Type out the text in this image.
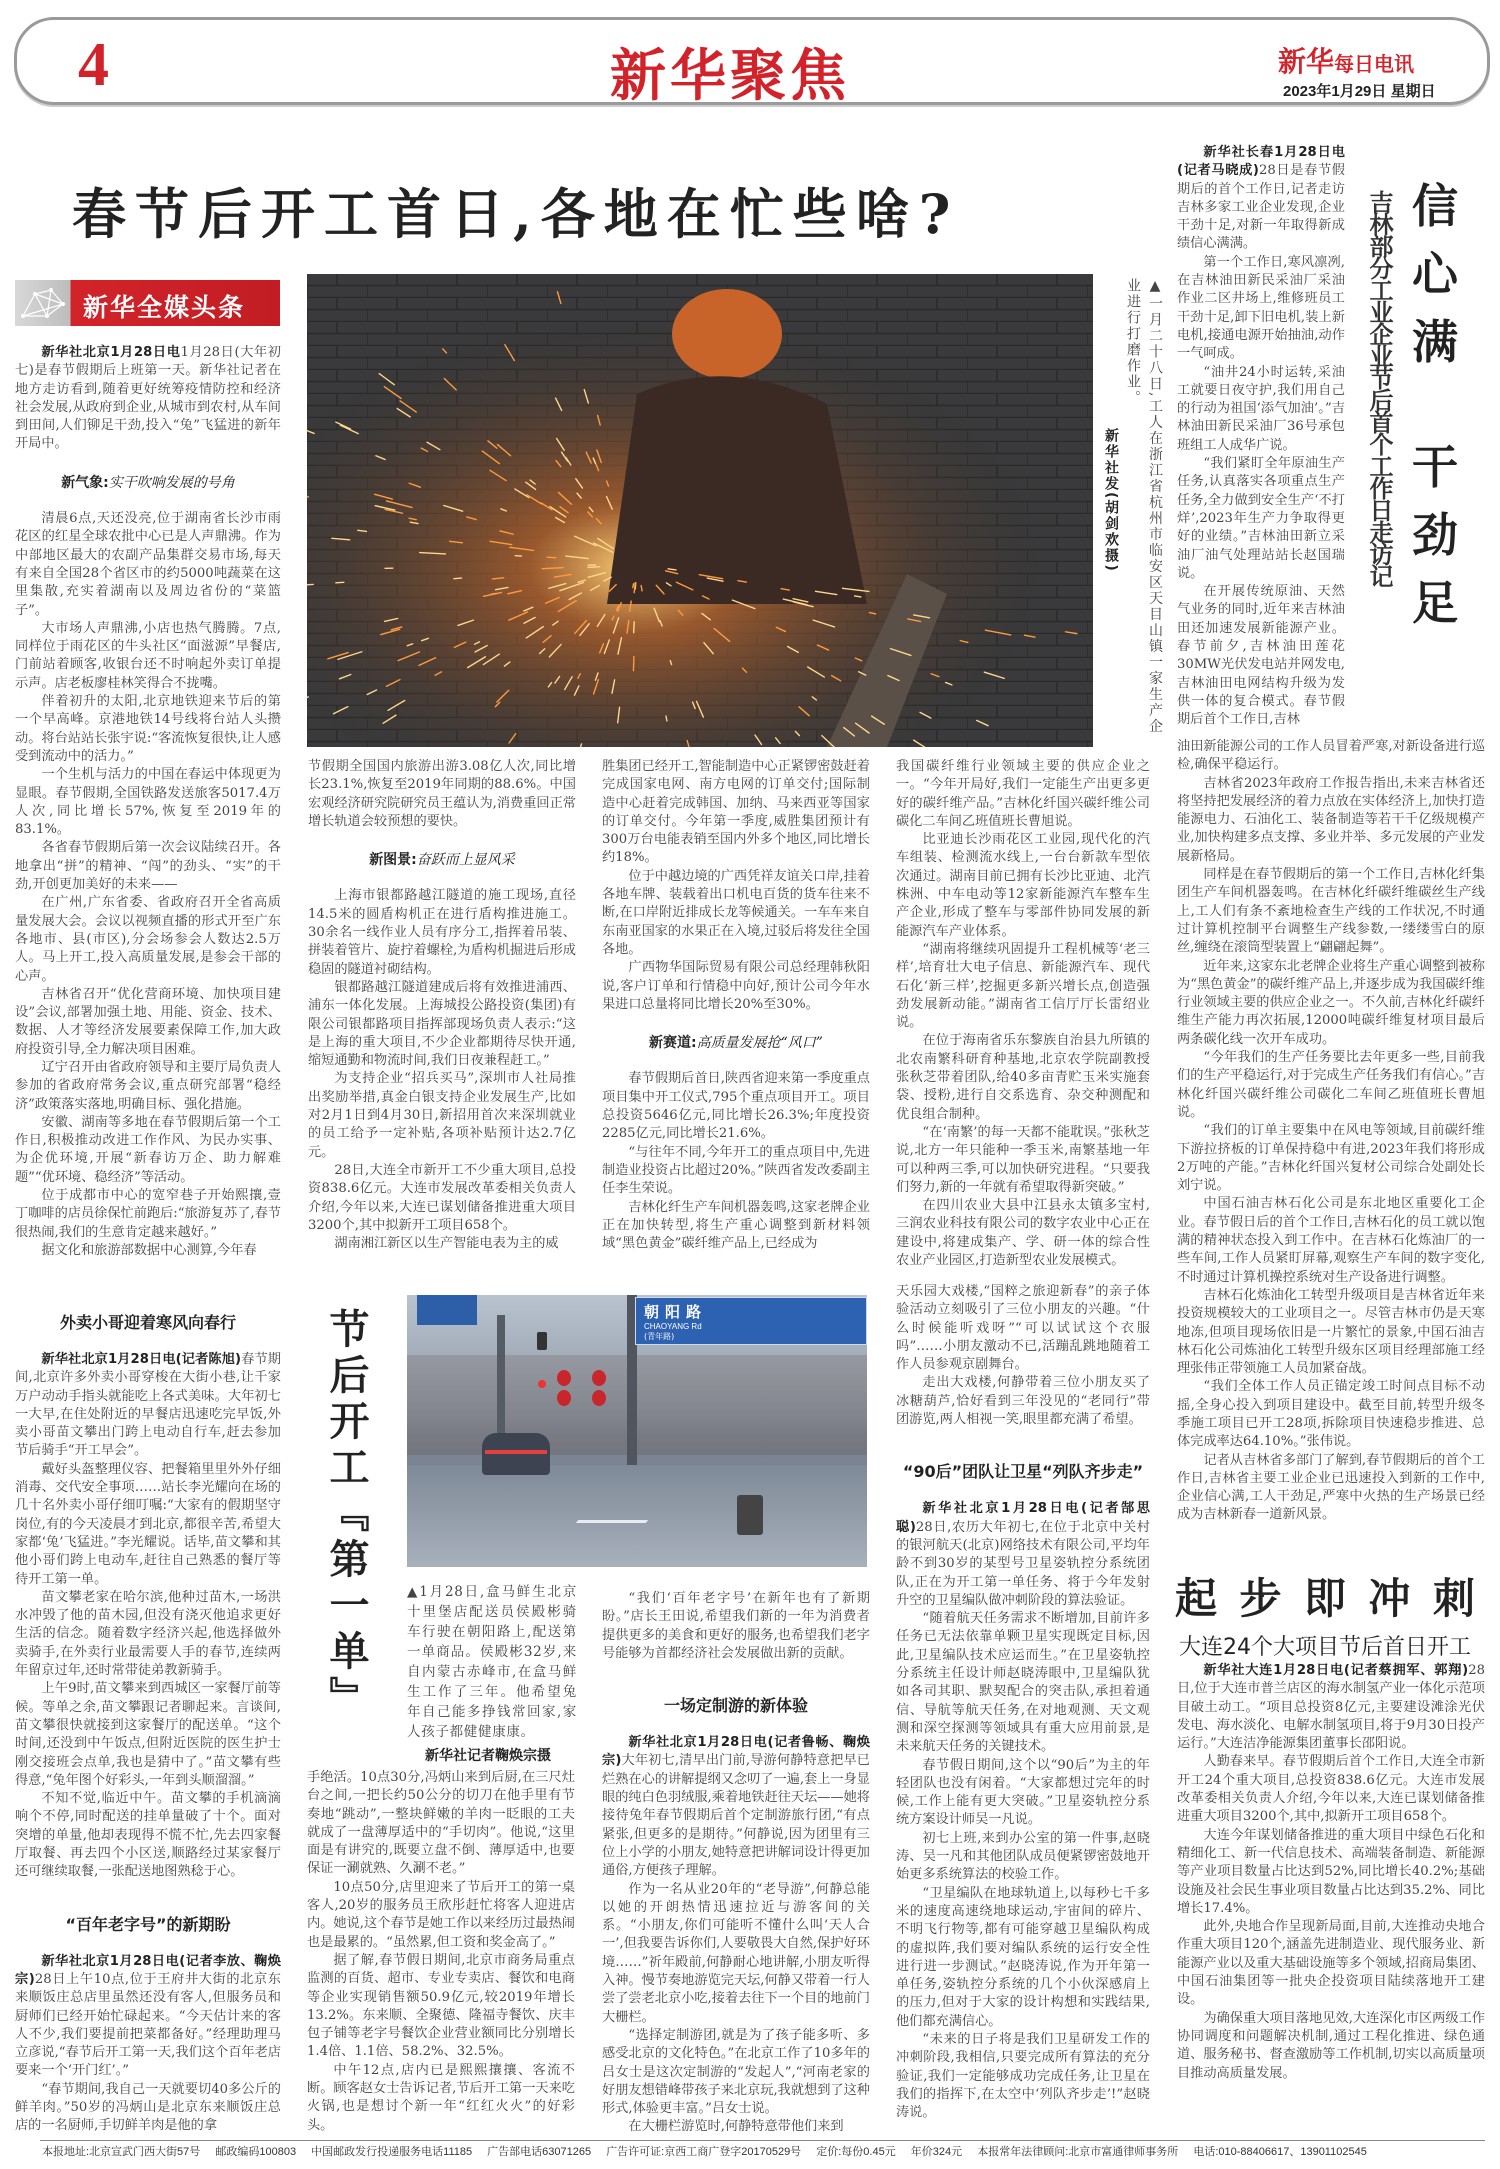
4	新华聚焦	新华每日电讯
2023年1月29日 星期日
春节后开工首日,各地在忙些啥?
新华全媒头条

新华社北京1月28日电1月28日(大年初七)是春节假期后上班第一天。新华社记者在地方走访看到,随着更好统筹疫情防控和经济社会发展,从政府到企业,从城市到农村,从车间到田间,人们铆足干劲,投入“兔”飞猛进的新年开局中。

新气象:实干吹响发展的号角

清晨6点,天还没亮,位于湖南省长沙市雨花区的红星全球农批中心已是人声鼎沸。作为中部地区最大的农副产品集群交易市场,每天有来自全国28个省区市的约5000吨蔬菜在这里集散,充实着湖南以及周边省份的“菜篮子”。

大市场人声鼎沸,小店也热气腾腾。7点,同样位于雨花区的牛头社区“面滋源”早餐店,门前站着顾客,收银台还不时响起外卖订单提示声。店老板廖桂林笑得合不拢嘴。

伴着初升的太阳,北京地铁迎来节后的第一个早高峰。京港地铁14号线将台站人头攒动。将台站站长张宇说:“客流恢复很快,让人感受到流动中的活力。”

一个生机与活力的中国在春运中体现更为显眼。春节假期,全国铁路发送旅客5017.4万人次,同比增长57%,恢复至2019年的83.1%。

各省春节假期后第一次会议陆续召开。各地拿出“拼”的精神、“闯”的劲头、“实”的干劲,开创更加美好的未来——

在广州,广东省委、省政府召开全省高质量发展大会。会议以视频直播的形式开至广东各地市、县(市区),分会场参会人数达2.5万人。马上开工,投入高质量发展,是参会干部的心声。

吉林省召开“优化营商环境、加快项目建设”会议,部署加强土地、用能、资金、技术、数据、人才等经济发展要素保障工作,加大政府投资引导,全力解决项目困难。

辽宁召开由省政府领导和主要厅局负责人参加的省政府常务会议,重点研究部署“稳经济”政策落实落地,明确目标、强化措施。

安徽、湖南等多地在春节假期后第一个工作日,积极推动改进工作作风、为民办实事、为企优环境,开展“新春访万企、助力解难题”“优环境、稳经济”等活动。

位于成都市中心的宽窄巷子开始熙攘,壹丁咖啡的店员徐保忙前跑后:“旅游复苏了,春节很热闹,我们的生意肯定越来越好。”

据文化和旅游部数据中心测算,今年春

节假期全国国内旅游出游3.08亿人次,同比增长23.1%,恢复至2019年同期的88.6%。中国宏观经济研究院研究员王蕴认为,消费重回正常增长轨道会较预想的要快。

新图景:奋跃而上显风采

上海市银都路越江隧道的施工现场,直径14.5米的圆盾构机正在进行盾构推进施工。30余名一线作业人员有序分工,指挥着吊装、拼装着管片、旋拧着螺栓,为盾构机掘进后形成稳固的隧道衬砌结构。

银都路越江隧道建成后将有效推进浦西、浦东一体化发展。上海城投公路投资(集团)有限公司银都路项目指挥部现场负责人表示:“这是上海的重大项目,不少企业都期待尽快开通,缩短通勤和物流时间,我们日夜兼程赶工。”

为支持企业“招兵买马”,深圳市人社局推出奖励举措,真金白银支持企业发展生产,比如对2月1日到4月30日,新招用首次来深圳就业的员工给予一定补贴,各项补贴预计达2.7亿元。

28日,大连全市新开工不少重大项目,总投资838.6亿元。大连市发展改革委相关负责人介绍,今年以来,大连已谋划储备推进重大项目3200个,其中拟新开工项目658个。

湖南湘江新区以生产智能电表为主的威

胜集团已经开工,智能制造中心正紧锣密鼓赶着完成国家电网、南方电网的订单交付;国际制造中心赶着完成韩国、加纳、马来西亚等国家的订单交付。今年第一季度,威胜集团预计有300万台电能表销至国内外多个地区,同比增长约18%。

位于中越边境的广西凭祥友谊关口岸,挂着各地车牌、装载着出口机电百货的货车往来不断,在口岸附近排成长龙等候通关。一车车来自东南亚国家的水果正在入境,过驳后将发往全国各地。

广西物华国际贸易有限公司总经理韩秋阳说,客户订单和行情稳中向好,预计公司今年水果进口总量将同比增长20%至30%。

新赛道:高质量发展抢“风口”

春节假期后首日,陕西省迎来第一季度重点项目集中开工仪式,795个重点项目开工。项目总投资5646亿元,同比增长26.3%;年度投资2285亿元,同比增长21.6%。

“与往年不同,今年开工的重点项目中,先进制造业投资占比超过20%。”陕西省发改委副主任李生荣说。

吉林化纤生产车间机器轰鸣,这家老牌企业正在加快转型,将生产重心调整到新材料领域“黑色黄金”碳纤维产品上,已经成为

我国碳纤维行业领域主要的供应企业之一。“今年开局好,我们一定能生产出更多更好的碳纤维产品。”吉林化纤国兴碳纤维公司碳化二车间乙班值班长曹旭说。

比亚迪长沙雨花区工业园,现代化的汽车组装、检测流水线上,一台台新款车型依次通过。湖南目前已拥有长沙比亚迪、北汽株洲、中车电动等12家新能源汽车整车生产企业,形成了整车与零部件协同发展的新能源汽车产业体系。

“湖南将继续巩固提升工程机械等‘老三样’,培育壮大电子信息、新能源汽车、现代石化‘新三样’,挖掘更多新兴增长点,创造强劲发展新动能。”湖南省工信厅厅长雷绍业说。

在位于海南省乐东黎族自治县九所镇的北农南繁科研育种基地,北京农学院副教授张秋芝带着团队,给40多亩青贮玉米实施套袋、授粉,进行自交系选育、杂交种测配和优良组合制种。

“在‘南繁’的每一天都不能耽误。”张秋芝说,北方一年只能种一季玉米,南繁基地一年可以种两三季,可以加快研究进程。“只要我们努力,新的一年就有希望取得新突破。”

在四川农业大县中江县永太镇多宝村,三润农业科技有限公司的数字农业中心正在建设中,将建成集产、学、研一体的综合性农业产业园区,打造新型农业发展模式。

▲一月二十八日,工人在浙江省杭州市临安区天目山镇一家生产企业进行打磨作业。
新华社发(胡剑欢摄)	吉林部分工业企业节后首个工作日走访记 信
心
满
干
劲
足

新华社长春1月28日电(记者马晓成)28日是春节假期后的首个工作日,记者走访吉林多家工业企业发现,企业干劲十足,对新一年取得新成绩信心满满。

第一个工作日,寒风凛冽,在吉林油田新民采油厂采油作业二区井场上,维修班员工干劲十足,卸下旧电机,装上新电机,接通电源开始抽油,动作一气呵成。

“油井24小时运转,采油工就要日夜守护,我们用自己的行动为祖国‘添气加油’。”吉林油田新民采油厂36号承包班组工人成华广说。

“我们紧盯全年原油生产任务,认真落实各项重点生产任务,全力做到安全生产‘不打烊’,2023年生产力争取得更好的业绩。”吉林油田新立采油厂油气处理站站长赵国瑞说。

在开展传统原油、天然气业务的同时,近年来吉林油田还加速发展新能源产业。春节前夕,吉林油田莲花30MW光伏发电站并网发电,吉林油田电网结构升级为发供一体的复合模式。春节假期后首个工作日,吉林

油田新能源公司的工作人员冒着严寒,对新设备进行巡检,确保平稳运行。

吉林省2023年政府工作报告指出,未来吉林省还将坚持把发展经济的着力点放在实体经济上,加快打造能源电力、石油化工、装备制造等若干千亿级规模产业,加快构建多点支撑、多业并举、多元发展的产业发展新格局。

同样是在春节假期后的第一个工作日,吉林化纤集团生产车间机器轰鸣。在吉林化纤碳纤维碳丝生产线上,工人们有条不紊地检查生产线的工作状况,不时通过计算机控制平台调整生产线参数,一缕缕雪白的原丝,缠绕在滚筒型装置上“翩翩起舞”。

近年来,这家东北老牌企业将生产重心调整到被称为“黑色黄金”的碳纤维产品上,并逐步成为我国碳纤维行业领域主要的供应企业之一。不久前,吉林化纤碳纤维生产能力再次拓展,12000吨碳纤维复材项目最后两条碳化线一次开车成功。

“今年我们的生产任务要比去年更多一些,目前我们的生产平稳运行,对于完成生产任务我们有信心。”吉林化纤国兴碳纤维公司碳化二车间乙班值班长曹旭说。

“我们的订单主要集中在风电等领域,目前碳纤维下游拉挤板的订单保持稳中有进,2023年我们将形成2万吨的产能。”吉林化纤国兴复材公司综合处副处长刘宁说。

中国石油吉林石化公司是东北地区重要化工企业。春节假日后的首个工作日,吉林石化的员工就以饱满的精神状态投入到工作中。在吉林石化炼油厂的一些车间,工作人员紧盯屏幕,观察生产车间的数字变化,不时通过计算机操控系统对生产设备进行调整。

吉林石化炼油化工转型升级项目是吉林省近年来投资规模较大的工业项目之一。尽管吉林市仍是天寒地冻,但项目现场依旧是一片繁忙的景象,中国石油吉林石化公司炼油化工转型升级东区项目经理部施工经理张伟正带领施工人员加紧奋战。

“我们全体工作人员正锚定竣工时间点目标不动摇,全身心投入到项目建设中。截至目前,转型升级冬季施工项目已开工28项,拆除项目快速稳步推进、总体完成率达64.10%。”张伟说。

记者从吉林省多部门了解到,春节假期后的首个工作日,吉林省主要工业企业已迅速投入到新的工作中,企业信心满,工人干劲足,严寒中火热的生产场景已经成为吉林新春一道新风景。

起 步 即 冲 刺
大连24个大项目节后首日开工

新华社大连1月28日电(记者蔡拥军、郭翔)28日,位于大连市普兰店区的海水制氢产业一体化示范项目破土动工。“项目总投资8亿元,主要建设滩涂光伏发电、海水淡化、电解水制氢项目,将于9月30日投产运行。”大连洁净能源集团董事长邵阳说。

人勤春来早。春节假期后首个工作日,大连全市新开工24个重大项目,总投资838.6亿元。大连市发展改革委相关负责人介绍,今年以来,大连已谋划储备推进重大项目3200个,其中,拟新开工项目658个。

大连今年谋划储备推进的重大项目中绿色石化和精细化工、新一代信息技术、高端装备制造、新能源等产业项目数量占比达到52%,同比增长40.2%;基础设施及社会民生事业项目数量占比达到35.2%、同比增长17.4%。

此外,央地合作呈现新局面,目前,大连推动央地合作重大项目120个,涵盖先进制造业、现代服务业、新能源产业以及重大基础设施等多个领域,招商局集团、中国石油集团等一批央企投资项目陆续落地开工建设。

为确保重大项目落地见效,大连深化市区两级工作协同调度和问题解决机制,通过工程化推进、绿色通道、服务秘书、督查激励等工作机制,切实以高质量项目推动高质量发展。

节后开工『第一单』	朝阳路
CHAOYANG Rd
(青年路)
▲1月28日,盒马鲜生北京十里堡店配送员侯殿彬骑车行驶在朝阳路上,配送第一单商品。侯殿彬32岁,来自内蒙古赤峰市,在盒马鲜生工作了三年。他希望兔年自己能多挣钱常回家,家人孩子都健健康康。
新华社记者鞠焕宗摄
外卖小哥迎着寒风向春行

新华社北京1月28日电(记者陈旭)春节期间,北京许多外卖小哥穿梭在大街小巷,让千家万户动动手指头就能吃上各式美味。大年初七一大早,在住处附近的早餐店迅速吃完早饭,外卖小哥苗文攀出门跨上电动自行车,赶去参加节后骑手“开工早会”。

戴好头盔整理仪容、把餐箱里里外外仔细消毒、交代安全事项……站长李光耀向在场的几十名外卖小哥仔细叮嘱:“大家有的假期坚守岗位,有的今天凌晨才到北京,都很辛苦,希望大家都‘兔’飞猛进。”李光耀说。话毕,苗文攀和其他小哥们跨上电动车,赶往自己熟悉的餐厅等待开工第一单。

苗文攀老家在哈尔滨,他种过苗木,一场洪水冲毁了他的苗木园,但没有浇灭他追求更好生活的信念。随着数字经济兴起,他选择做外卖骑手,在外卖行业最需要人手的春节,连续两年留京过年,还时常带徒弟教新骑手。

上午9时,苗文攀来到西城区一家餐厅前等候。等单之余,苗文攀跟记者聊起来。言谈间,苗文攀很快就接到这家餐厅的配送单。“这个时间,还没到中午饭点,但附近医院的医生护士刚交接班会点单,我也是猜中了。”苗文攀有些得意,“兔年图个好彩头,一年到头顺溜溜。”

不知不觉,临近中午。苗文攀的手机滴滴响个不停,同时配送的挂单量破了十个。面对突增的单量,他却表现得不慌不忙,先去四家餐厅取餐、再去四个小区送,顺路经过某家餐厅还可继续取餐,一张配送地图熟稔于心。

“百年老字号”的新期盼

新华社北京1月28日电(记者李放、鞠焕宗)28日上午10点,位于王府井大街的北京东来顺饭庄总店里虽然还没有客人,但服务员和厨师们已经开始忙碌起来。“今天估计来的客人不少,我们要提前把菜都备好。”经理助理马立彦说,“春节后开工第一天,我们这个百年老店要来一个‘开门红’。”

“春节期间,我自己一天就要切40多公斤的鲜羊肉。”50岁的冯炳山是北京东来顺饭庄总店的一名厨师,手切鲜羊肉是他的拿

手绝活。10点30分,冯炳山来到后厨,在三尺灶台之间,一把长约50公分的切刀在他手里有节奏地“跳动”,一整块鲜嫩的羊肉一眨眼的工夫就成了一盘薄厚适中的“手切肉”。他说,“这里面是有讲究的,既要立盘不倒、薄厚适中,也要保证一涮就熟、久涮不老。”

10点50分,店里迎来了节后开工的第一桌客人,20岁的服务员王欣彤赶忙将客人迎进店内。她说,这个春节是她工作以来经历过最热闹也是最累的。“虽然累,但工资和奖金高了。”

据了解,春节假日期间,北京市商务局重点监测的百货、超市、专业专卖店、餐饮和电商等企业实现销售额50.9亿元,较2019年增长13.2%。东来顺、全聚德、隆福寺餐饮、庆丰包子铺等老字号餐饮企业营业额同比分别增长1.4倍、1.1倍、58.2%、32.5%。

中午12点,店内已是熙熙攘攘、客流不断。顾客赵女士告诉记者,节后开工第一天来吃火锅,也是想讨个新一年“红红火火”的好彩头。

“我们‘百年老字号’在新年也有了新期盼。”店长王田说,希望我们新的一年为消费者提供更多的美食和更好的服务,也希望我们老字号能够为首都经济社会发展做出新的贡献。

一场定制游的新体验

新华社北京1月28日电(记者鲁畅、鞠焕宗)大年初七,清早出门前,导游何静特意把早已烂熟在心的讲解提纲又念叨了一遍,套上一身显眼的纯白色羽绒服,乘着地铁赶往天坛——她将接待兔年春节假期后首个定制游旅行团,“有点紧张,但更多的是期待。”何静说,因为团里有三位上小学的小朋友,她特意把讲解词设计得更加通俗,方便孩子理解。

作为一名从业20年的“老导游”,何静总能以她的开朗热情迅速拉近与游客间的关系。“小朋友,你们可能听不懂什么叫‘天人合一’,但我要告诉你们,人要敬畏大自然,保护好环境……”祈年殿前,何静耐心地讲解,小朋友听得入神。慢节奏地游览完天坛,何静又带着一行人尝了尝老北京小吃,接着去往下一个目的地前门大栅栏。

“选择定制游团,就是为了孩子能多听、多感受北京的文化特色。”在北京工作了10多年的吕女士是这次定制游的“发起人”,“河南老家的好朋友想错峰带孩子来北京玩,我就想到了这种形式,体验更丰富。”吕女士说。

在大栅栏游览时,何静特意带他们来到

天乐园大戏楼,“国粹之旅迎新春”的亲子体验活动立刻吸引了三位小朋友的兴趣。“什么时候能听戏呀”“可以试试这个衣服吗”……小朋友激动不已,活蹦乱跳地随着工作人员参观京剧舞台。

走出大戏楼,何静带着三位小朋友买了冰糖葫芦,恰好看到三年没见的“老同行”带团游览,两人相视一笑,眼里都充满了希望。

“90后”团队让卫星“列队齐步走”

新华社北京1月28日电(记者郜思聪)28日,农历大年初七,在位于北京中关村的银河航天(北京)网络技术有限公司,平均年龄不到30岁的某型号卫星姿轨控分系统团队,正在为开工第一单任务、将于今年发射升空的卫星编队做冲刺阶段的算法验证。

“随着航天任务需求不断增加,目前许多任务已无法依靠单颗卫星实现既定目标,因此,卫星编队技术应运而生。”在卫星姿轨控分系统主任设计师赵晓涛眼中,卫星编队犹如各司其职、默契配合的突击队,承担着通信、导航等航天任务,在对地观测、天文观测和深空探测等领域具有重大应用前景,是未来航天任务的关键技术。

春节假日期间,这个以“90后”为主的年轻团队也没有闲着。“大家都想过完年的时候,工作上能有更大突破。”卫星姿轨控分系统方案设计师吴一凡说。

初七上班,来到办公室的第一件事,赵晓涛、吴一凡和其他团队成员便紧锣密鼓地开始更多系统算法的校验工作。

“卫星编队在地球轨道上,以每秒七千多米的速度高速绕地球运动,宇宙间的碎片、不明飞行物等,都有可能穿越卫星编队构成的虚拟阵,我们要对编队系统的运行安全性进行进一步测试。”赵晓涛说,作为开年第一单任务,姿轨控分系统的几个小伙深感肩上的压力,但对于大家的设计构想和实践结果,他们都充满信心。

“未来的日子将是我们卫星研发工作的冲刺阶段,我相信,只要完成所有算法的充分验证,我们一定能够成功完成任务,让卫星在我们的指挥下,在太空中‘列队齐步走’!”赵晓涛说。

本报地址:北京宣武门西大街57号 邮政编码100803 中国邮政发行投递服务电话11185 广告部电话63071265 广告许可证:京西工商广登字20170529号 定价:每份0.45元 年价324元 本报常年法律顾问:北京市富通律师事务所 电话:010-88406617、13901102545
